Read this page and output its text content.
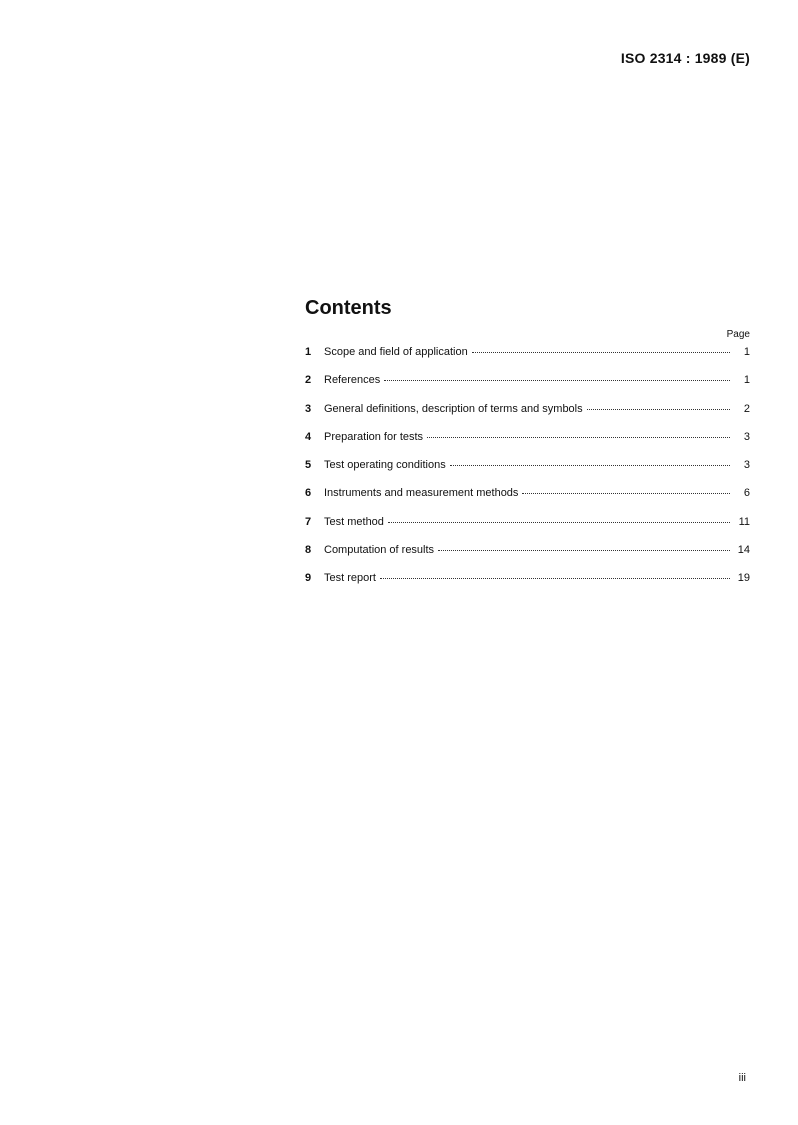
ISO 2314 : 1989 (E)
Contents
Page
1	Scope and field of application	1
2	References	1
3	General definitions, description of terms and symbols	2
4	Preparation for tests	3
5	Test operating conditions	3
6	Instruments and measurement methods	6
7	Test method	11
8	Computation of results	14
9	Test report	19
iii
